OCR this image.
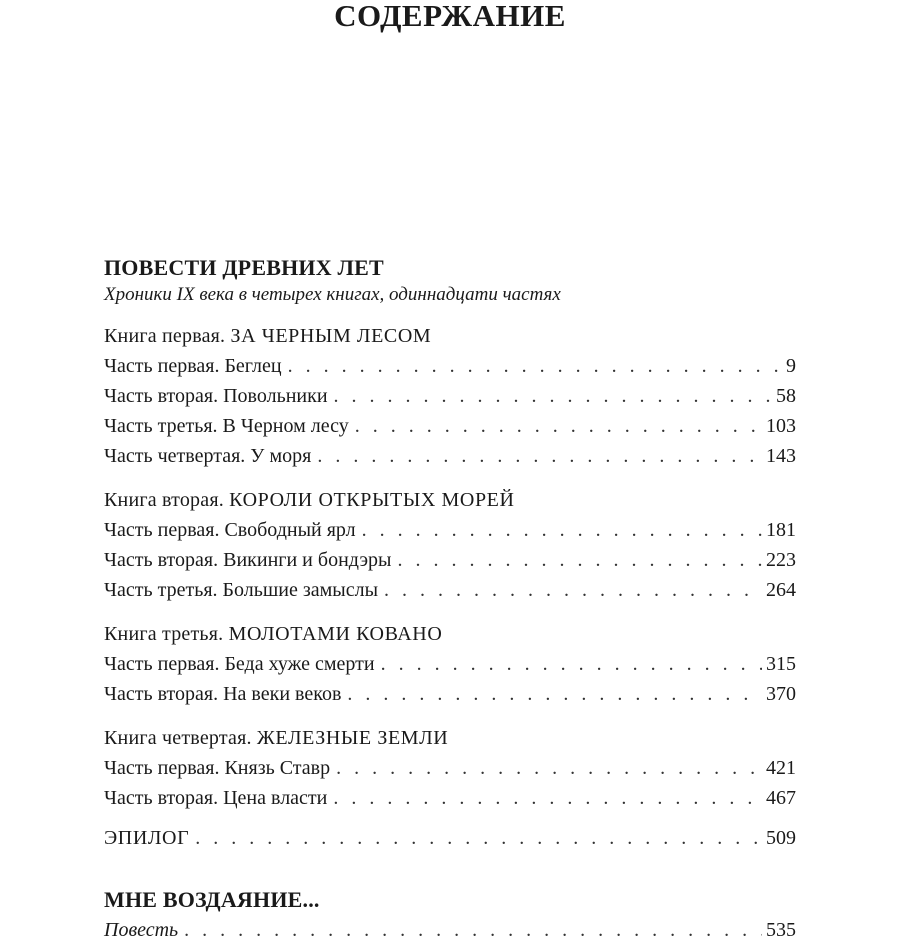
СОДЕРЖАНИЕ
ПОВЕСТИ ДРЕВНИХ ЛЕТ
Хроники IX века в четырех книгах, одиннадцати частях
Книга первая. ЗА ЧЕРНЫМ ЛЕСОМ
Часть первая. Беглец . . .	9
Часть вторая. Повольники . . .	58
Часть третья. В Черном лесу . . .	103
Часть четвертая. У моря . . .	143
Книга вторая. КОРОЛИ ОТКРЫТЫХ МОРЕЙ
Часть первая. Свободный ярл . . .	181
Часть вторая. Викинги и бондэры . . .	223
Часть третья. Большие замыслы . . .	264
Книга третья. МОЛОТАМИ КОВАНО
Часть первая. Беда хуже смерти . . .	315
Часть вторая. На веки веков . . .	370
Книга четвертая. ЖЕЛЕЗНЫЕ ЗЕМЛИ
Часть первая. Князь Ставр . . .	421
Часть вторая. Цена власти . . .	467
ЭПИЛОГ . . .	509
МНЕ ВОЗДАЯНИЕ...
Повесть . . .	535
